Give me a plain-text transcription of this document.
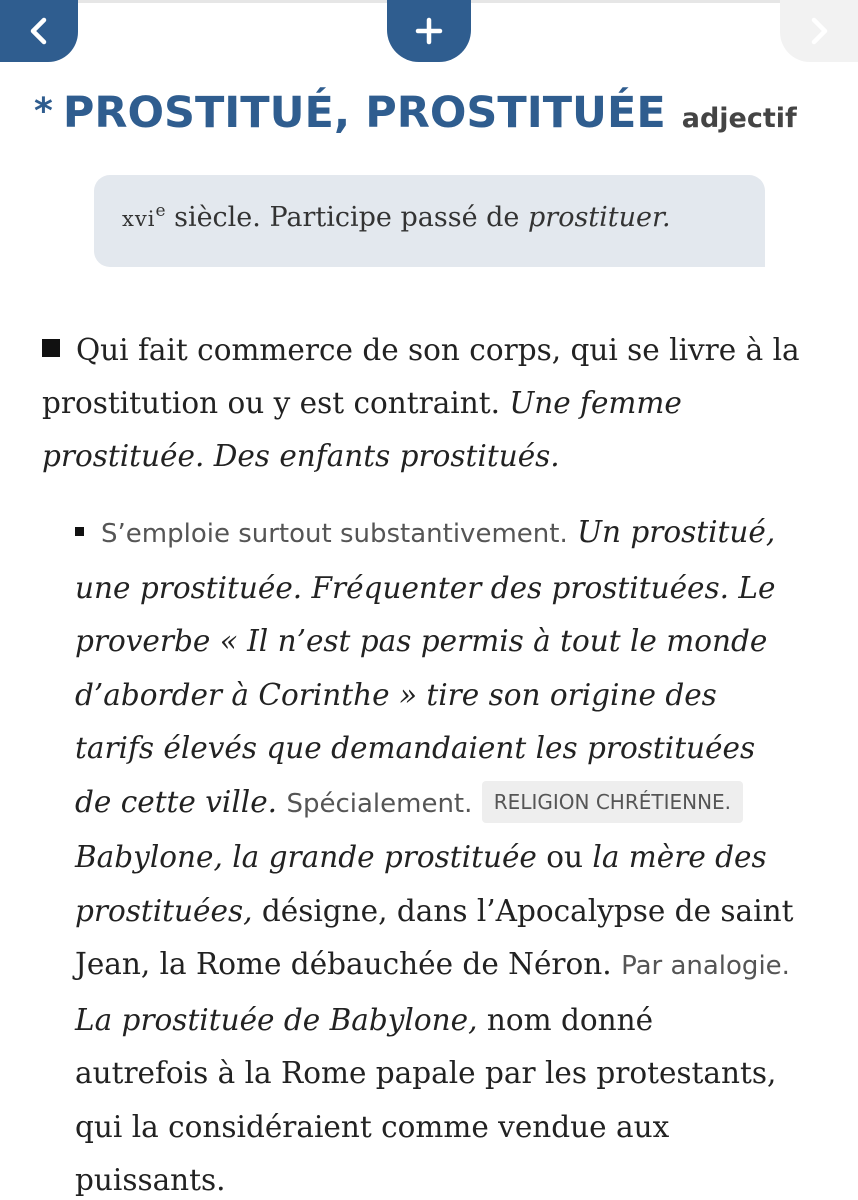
* PROSTITUÉ, PROSTITUÉE adjectif
xvi$^e$ siècle. Participe passé de prostituer.
Qui fait commerce de son corps, qui se livre à la prostitution ou y est contraint. Une femme prostituée. Des enfants prostitués.
S’emploie surtout substantivement. Un prostitué, une prostituée. Fréquenter des prostituées. Le proverbe « Il n’est pas permis à tout le monde d’aborder à Corinthe » tire son origine des tarifs élevés que demandaient les prostituées de cette ville. Spécialement. RELIGION CHRÉTIENNE.Babylone, la grande prostituée ou la mère des prostituées, désigne, dans l’Apocalypse de saint Jean, la Rome débauchée de Néron. Par analogie. La prostituée de Babylone, nom donné autrefois à la Rome papale par les protestants, qui la considéraient comme vendue aux puissants.
